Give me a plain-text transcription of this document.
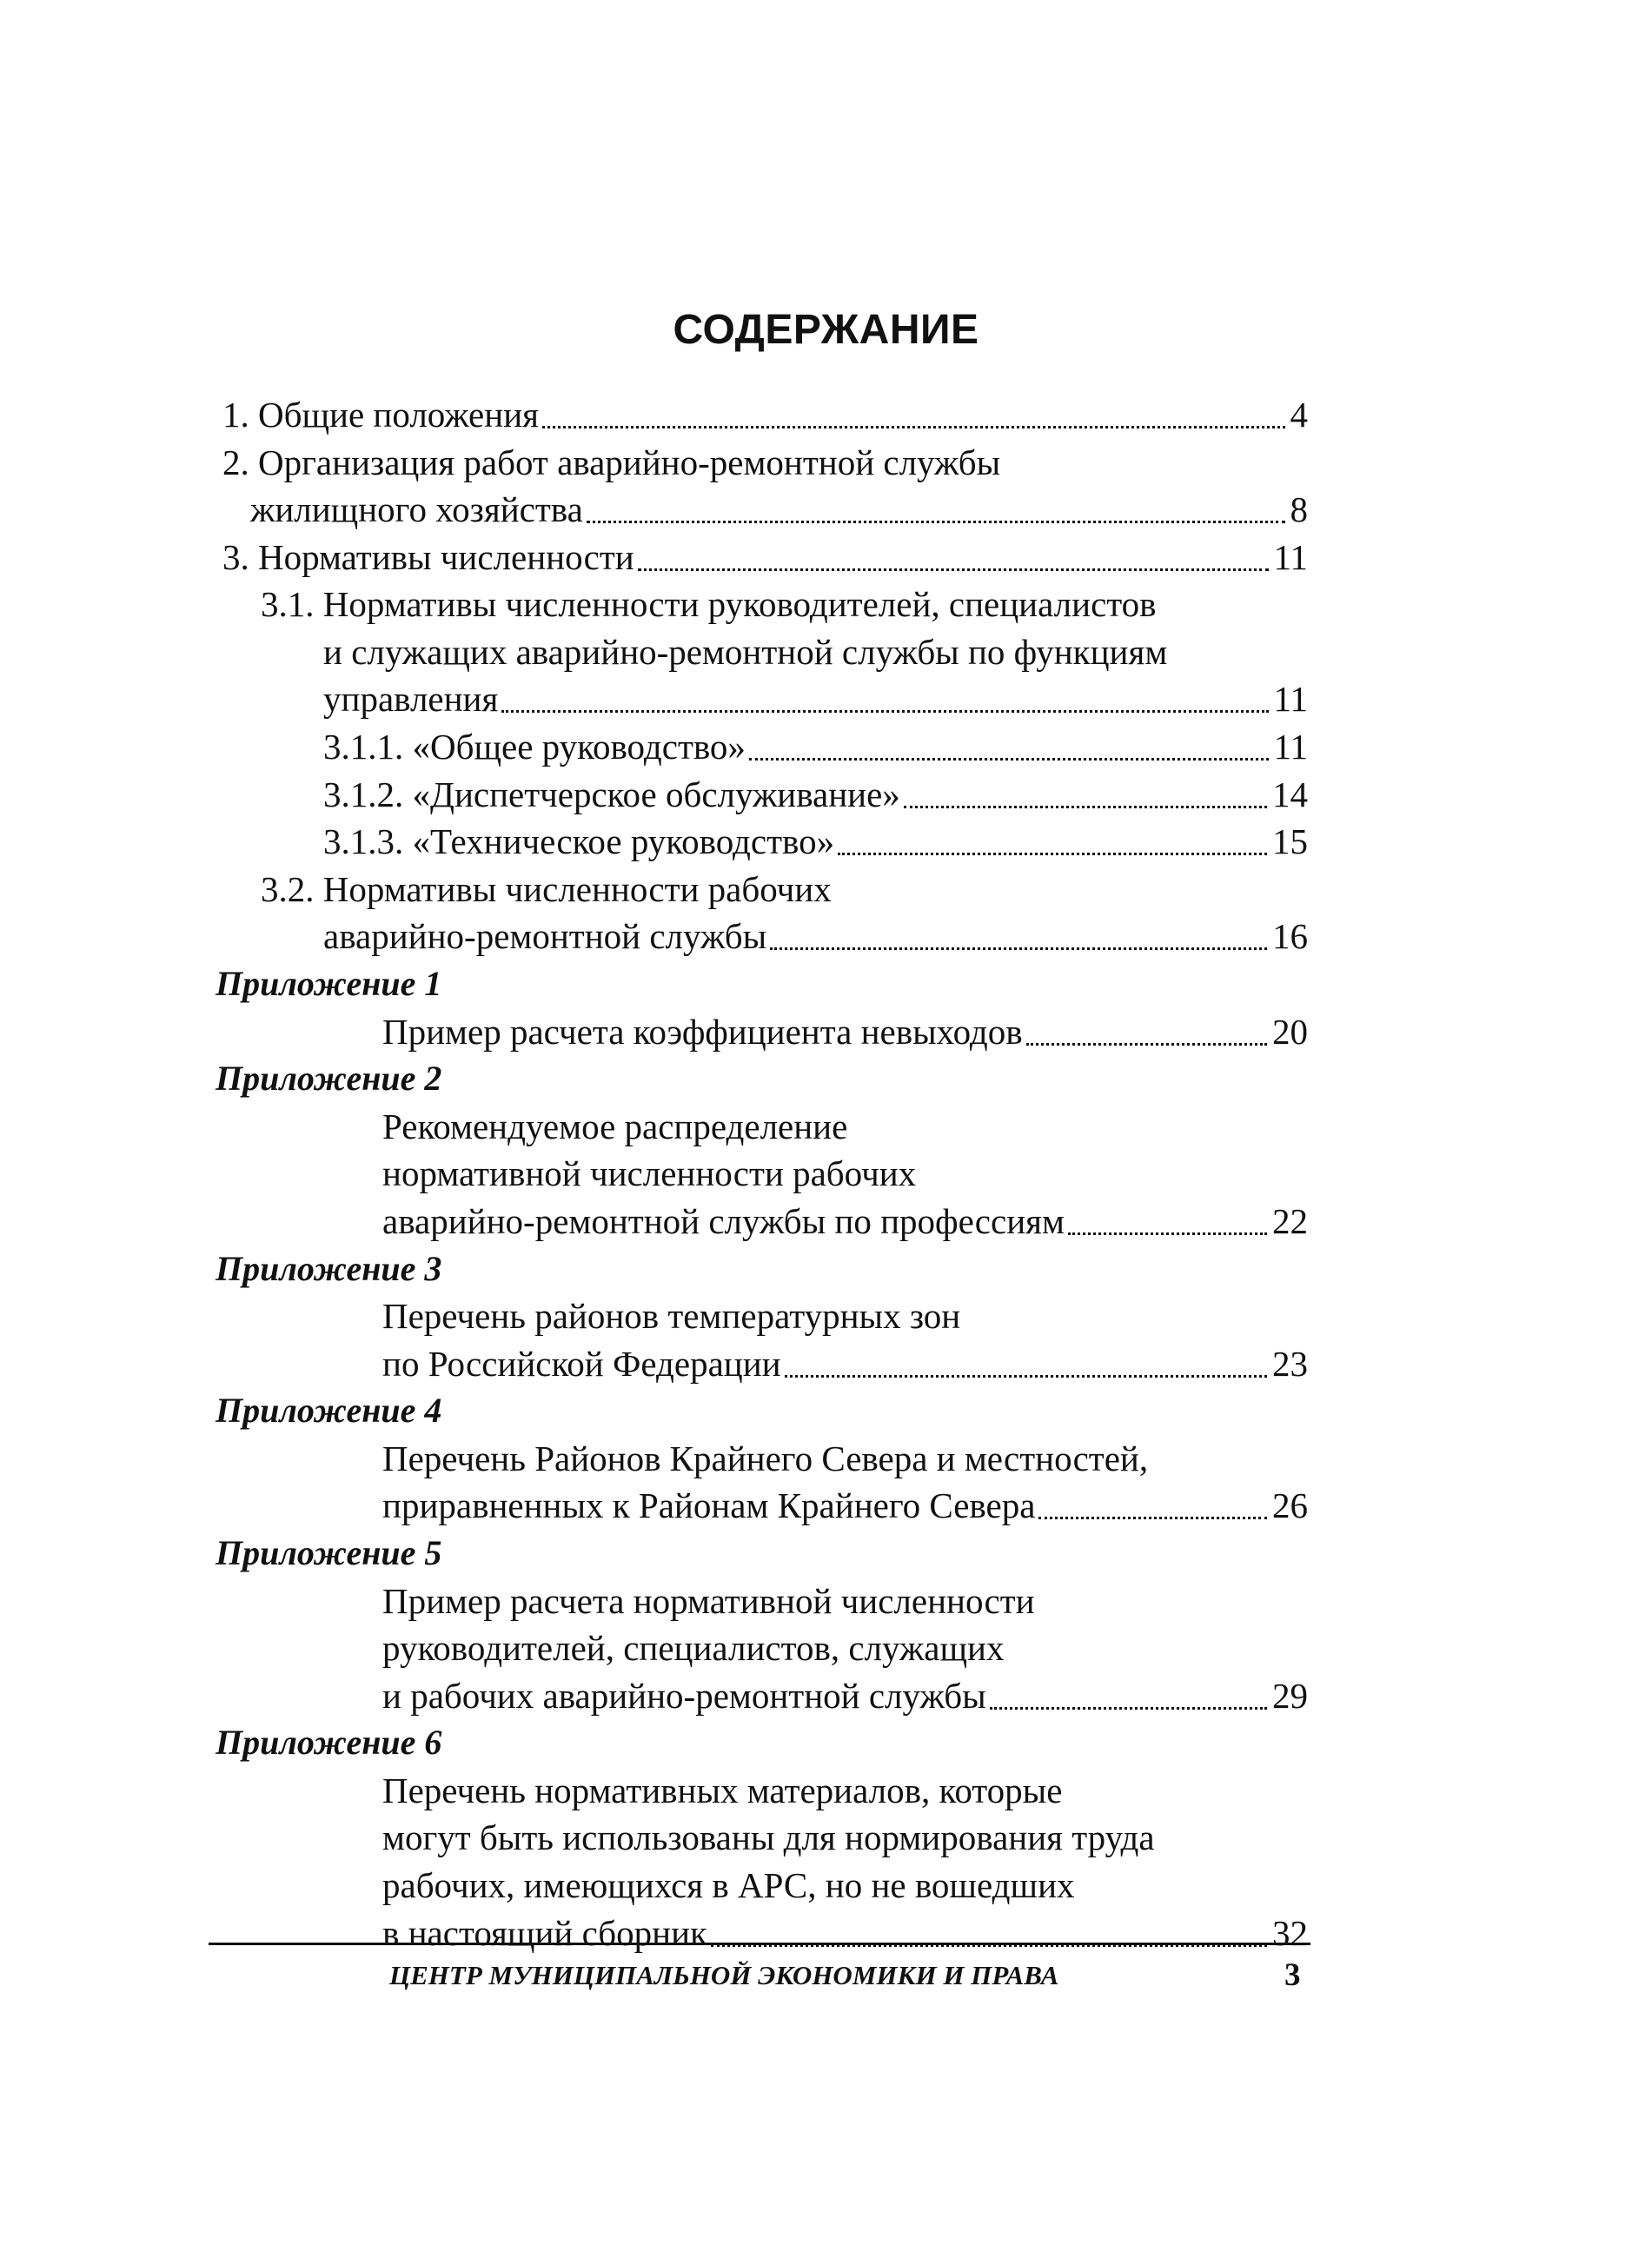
СОДЕРЖАНИЕ
1. Общие положения	4
2. Организация работ аварийно-ремонтной службы
жилищного хозяйства	8
3. Нормативы численности	11
3.1. Нормативы численности руководителей, специалистов
и служащих аварийно-ремонтной службы по функциям
управления	11
3.1.1. «Общее руководство»	11
3.1.2. «Диспетчерское обслуживание»	14
3.1.3. «Техническое руководство»	15
3.2. Нормативы численности рабочих
аварийно-ремонтной службы	16
Приложение 1
Пример расчета коэффициента невыходов	20
Приложение 2
Рекомендуемое распределение
нормативной численности рабочих
аварийно-ремонтной службы по профессиям	22
Приложение 3
Перечень районов температурных зон
по Российской Федерации	23
Приложение 4
Перечень Районов Крайнего Севера и местностей,
приравненных к Районам Крайнего Севера	26
Приложение 5
Пример расчета нормативной численности
руководителей, специалистов, служащих
и рабочих аварийно-ремонтной службы	29
Приложение 6
Перечень нормативных материалов, которые
могут быть использованы для нормирования труда
рабочих, имеющихся в АРС, но не вошедших
в настоящий сборник	32
ЦЕНТР МУНИЦИПАЛЬНОЙ ЭКОНОМИКИ И ПРАВА	3
